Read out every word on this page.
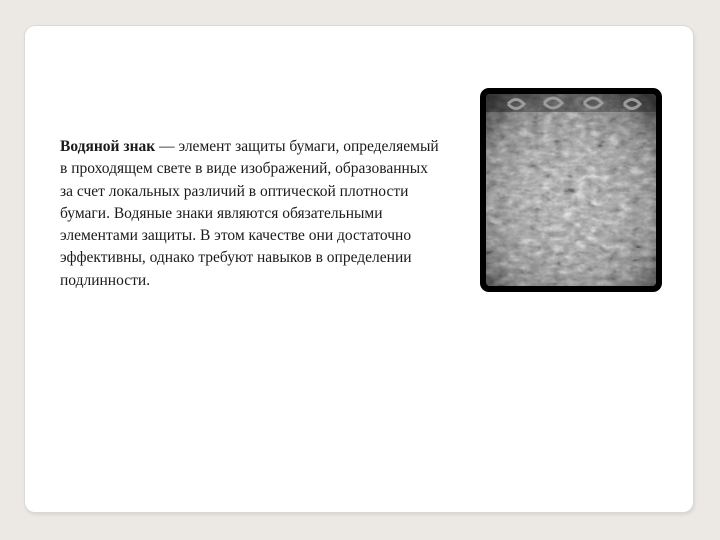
Водяной знак — элемент защиты бумаги, определяемый в проходящем свете в виде изображений, образованных за счет локальных различий в оптической плотности бумаги. Водяные знаки являются обязательными элементами защиты. В этом качестве они достаточно эффективны, однако требуют навыков в определении подлинности.
